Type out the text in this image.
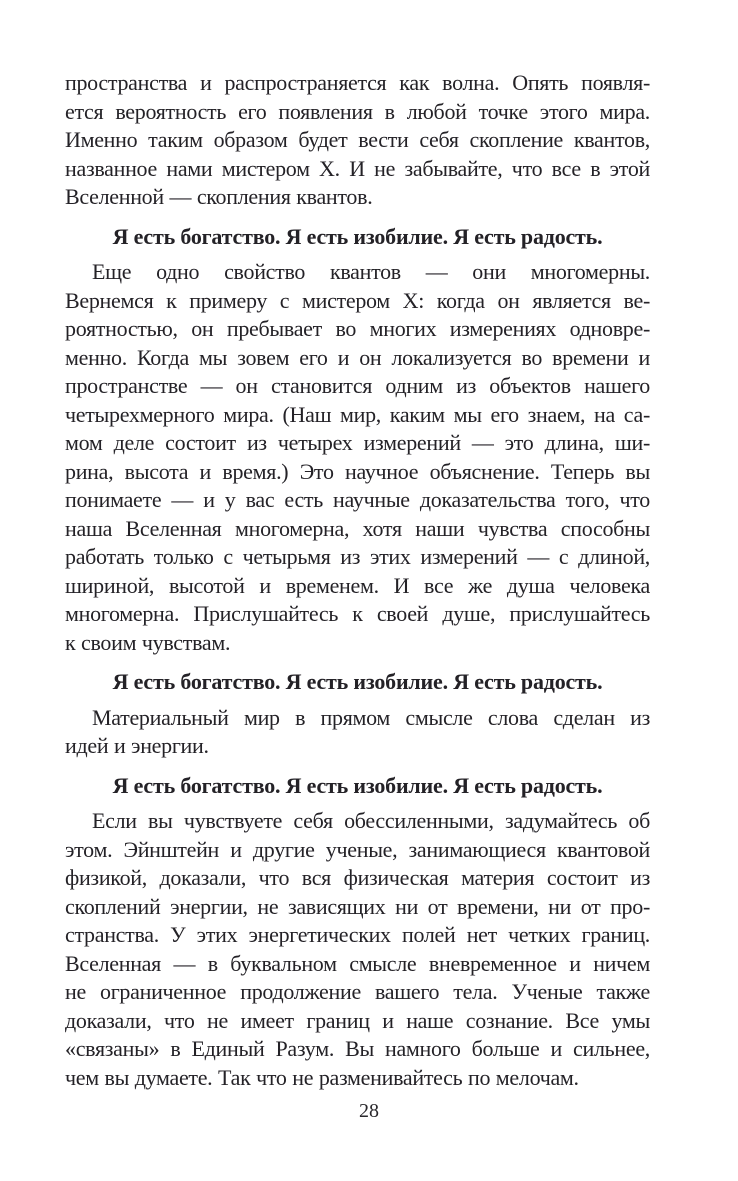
пространства и распространяется как волна. Опять появля-
ется вероятность его появления в любой точке этого мира.
Именно таким образом будет вести себя скопление квантов,
названное нами мистером Х. И не забывайте, что все в этой
Вселенной — скопления квантов.
Я есть богатство. Я есть изобилие. Я есть радость.
Еще одно свойство квантов — они многомерны.
Вернемся к примеру с мистером Х: когда он является ве-
роятностью, он пребывает во многих измерениях одновре-
менно. Когда мы зовем его и он локализуется во времени и
пространстве — он становится одним из объектов нашего
четырехмерного мира. (Наш мир, каким мы его знаем, на са-
мом деле состоит из четырех измерений — это длина, ши-
рина, высота и время.) Это научное объяснение. Теперь вы
понимаете — и у вас есть научные доказательства того, что
наша Вселенная многомерна, хотя наши чувства способны
работать только с четырьмя из этих измерений — с длиной,
шириной, высотой и временем. И все же душа человека
многомерна. Прислушайтесь к своей душе, прислушайтесь
к своим чувствам.
Я есть богатство. Я есть изобилие. Я есть радость.
Материальный мир в прямом смысле слова сделан из
идей и энергии.
Я есть богатство. Я есть изобилие. Я есть радость.
Если вы чувствуете себя обессиленными, задумайтесь об
этом. Эйнштейн и другие ученые, занимающиеся квантовой
физикой, доказали, что вся физическая материя состоит из
скоплений энергии, не зависящих ни от времени, ни от про-
странства. У этих энергетических полей нет четких границ.
Вселенная — в буквальном смысле вневременное и ничем
не ограниченное продолжение вашего тела. Ученые также
доказали, что не имеет границ и наше сознание. Все умы
«связаны» в Единый Разум. Вы намного больше и сильнее,
чем вы думаете. Так что не разменивайтесь по мелочам.
28
